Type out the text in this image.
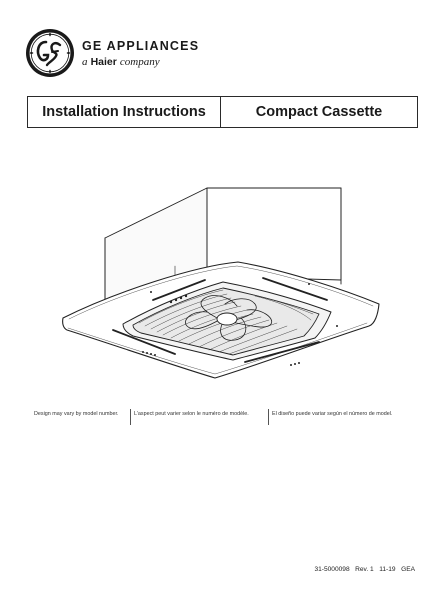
GE APPLIANCES
a Haier company
Installation Instructions	Compact Cassette
Design may vary by model number.	L’aspect peut varier selon le numéro de modèle.	El diseño puede variar según el número de model.
31-5000098   Rev. 1   11-19   GEA
